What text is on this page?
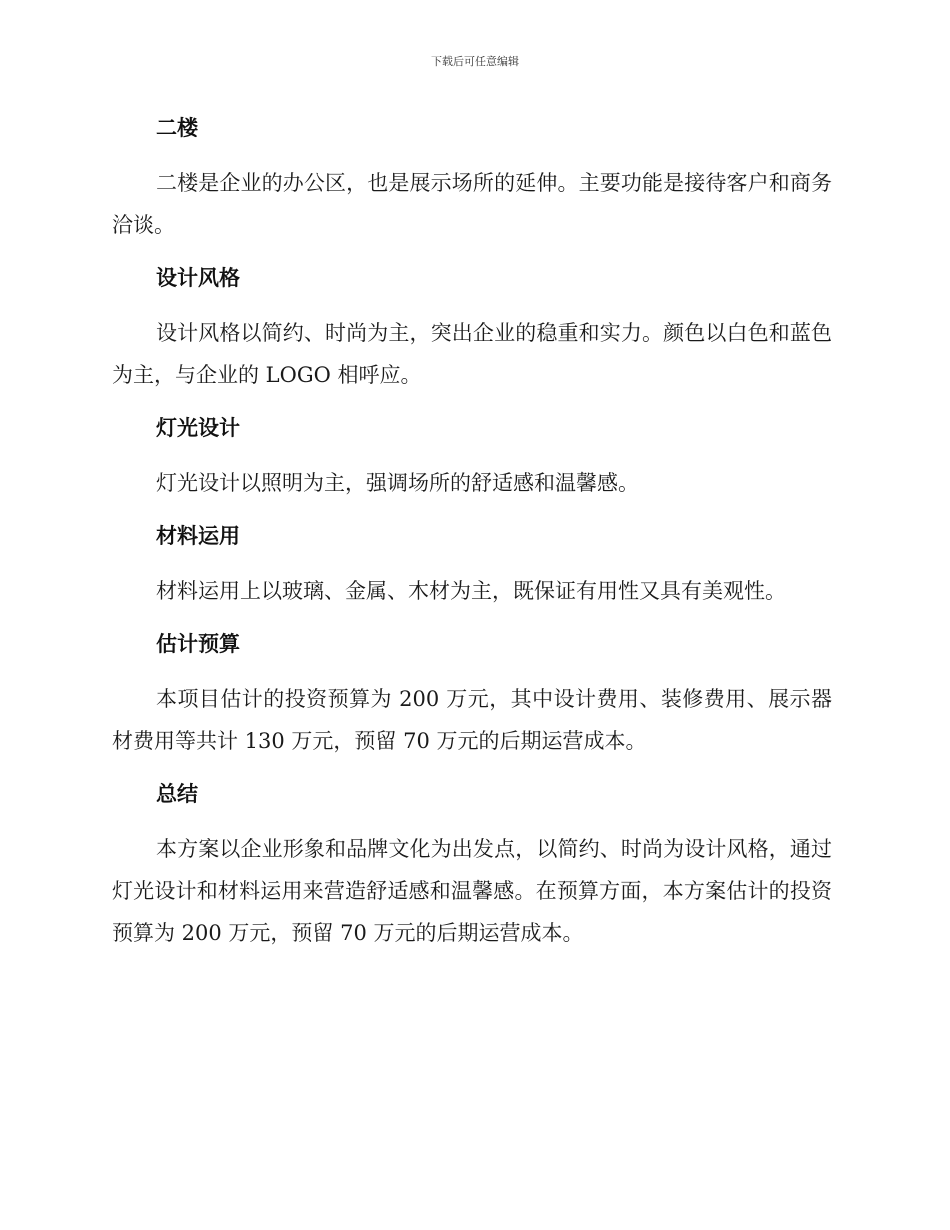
下载后可任意编辑
二楼

二楼是企业的办公区，也是展示场所的延伸。主要功能是接待客户和商务洽谈。

设计风格

设计风格以简约、时尚为主，突出企业的稳重和实力。颜色以白色和蓝色为主，与企业的 LOGO 相呼应。

灯光设计

灯光设计以照明为主，强调场所的舒适感和温馨感。

材料运用

材料运用上以玻璃、金属、木材为主，既保证有用性又具有美观性。

估计预算

本项目估计的投资预算为 200 万元，其中设计费用、装修费用、展示器材费用等共计 130 万元，预留 70 万元的后期运营成本。

总结

本方案以企业形象和品牌文化为出发点，以简约、时尚为设计风格，通过灯光设计和材料运用来营造舒适感和温馨感。在预算方面，本方案估计的投资预算为 200 万元，预留 70 万元的后期运营成本。
